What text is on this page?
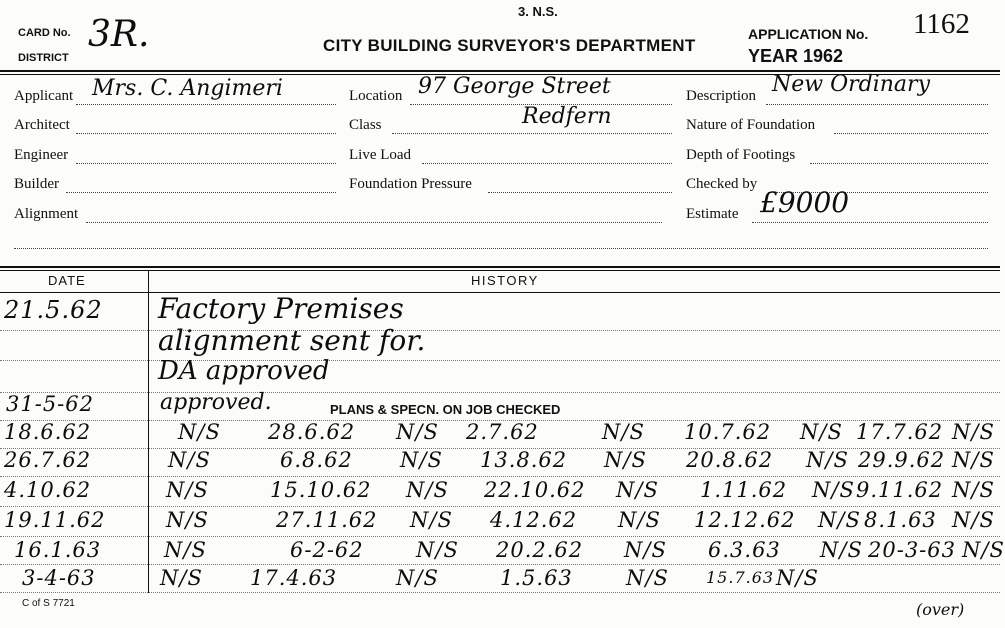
3. N.S.
CARD No. 3R.
DISTRICT
CITY BUILDING SURVEYOR'S DEPARTMENT
APPLICATION No. 1162
YEAR 1962
Applicant Mrs. C. Angimeri
Architect
Engineer
Builder
Alignment
Location 97 George Street
Redfern
Class
Live Load
Foundation Pressure
Description New Ordinary
Nature of Foundation
Depth of Footings
Checked by
Estimate £9000
DATE	HISTORY
21.5.62 Factory Premises
alignment sent for.
DA approved
31-5-62	approved.	PLANS & SPECN. ON JOB CHECKED
18.6.62	N/S 28.6.62 N/S 2.7.62	N/S 10.7.62 N/S 17.7.62 N/S
26.7.62	N/S	6.8.62 N/S 13.8.62 N/S 20.8.62 N/S 29.9.62 N/S
4.10.62	N/S	15.10.62 N/S 22.10.62 N/S 1.11.62 N/S 9.11.62 N/S
19.11.62	N/S	27.11.62 N/S 4.12.62 N/S 12.12.62 N/S 8.1.63 N/S
16.1.63	N/S	6-2-62 N/S 20.2.62 N/S 6.3.63 N/S 20-3-63 N/S
3-4-63	N/S 17.4.63	N/S	1.5.63	N/S 15.7.63 N/S
C of S 7721	(over)
